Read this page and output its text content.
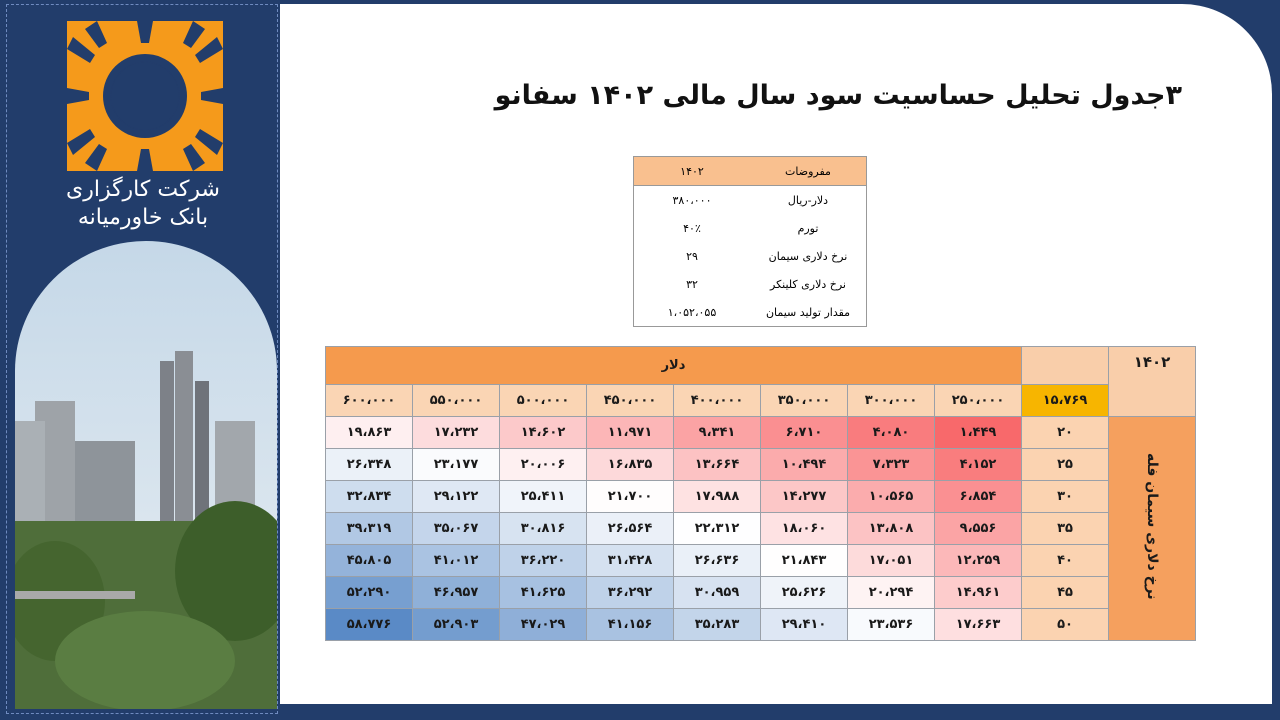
شرکت کارگزاری
بانک خاورمیانه
۳جدول تحلیل حساسیت سود سال مالی ۱۴۰۲ سفانو
مفروضات	۱۴۰۲
دلار-ریال	۳۸۰،۰۰۰
تورم	۴۰٪
نرخ دلاری سیمان	۲۹
نرخ دلاری کلینکر	۳۲
مقدار تولید سیمان	۱،۰۵۲،۰۵۵
۱۴۰۲		دلار							
	۱۵،۷۶۹	۲۵۰،۰۰۰	۳۰۰،۰۰۰	۳۵۰،۰۰۰	۴۰۰،۰۰۰	۴۵۰،۰۰۰	۵۰۰،۰۰۰	۵۵۰،۰۰۰	۶۰۰،۰۰۰
نرخ دلاری سیمان فله	۲۰	۱،۴۴۹	۴،۰۸۰	۶،۷۱۰	۹،۳۴۱	۱۱،۹۷۱	۱۴،۶۰۲	۱۷،۲۳۲	۱۹،۸۶۳
	۲۵	۴،۱۵۲	۷،۳۲۳	۱۰،۴۹۴	۱۳،۶۶۴	۱۶،۸۳۵	۲۰،۰۰۶	۲۳،۱۷۷	۲۶،۳۴۸
	۳۰	۶،۸۵۴	۱۰،۵۶۵	۱۴،۲۷۷	۱۷،۹۸۸	۲۱،۷۰۰	۲۵،۴۱۱	۲۹،۱۲۲	۳۲،۸۳۴
	۳۵	۹،۵۵۶	۱۳،۸۰۸	۱۸،۰۶۰	۲۲،۳۱۲	۲۶،۵۶۴	۳۰،۸۱۶	۳۵،۰۶۷	۳۹،۳۱۹
	۴۰	۱۲،۲۵۹	۱۷،۰۵۱	۲۱،۸۴۳	۲۶،۶۳۶	۳۱،۴۲۸	۳۶،۲۲۰	۴۱،۰۱۲	۴۵،۸۰۵
	۴۵	۱۴،۹۶۱	۲۰،۲۹۴	۲۵،۶۲۶	۳۰،۹۵۹	۳۶،۲۹۲	۴۱،۶۲۵	۴۶،۹۵۷	۵۲،۲۹۰
	۵۰	۱۷،۶۶۳	۲۳،۵۳۶	۲۹،۴۱۰	۳۵،۲۸۳	۴۱،۱۵۶	۴۷،۰۲۹	۵۲،۹۰۳	۵۸،۷۷۶
